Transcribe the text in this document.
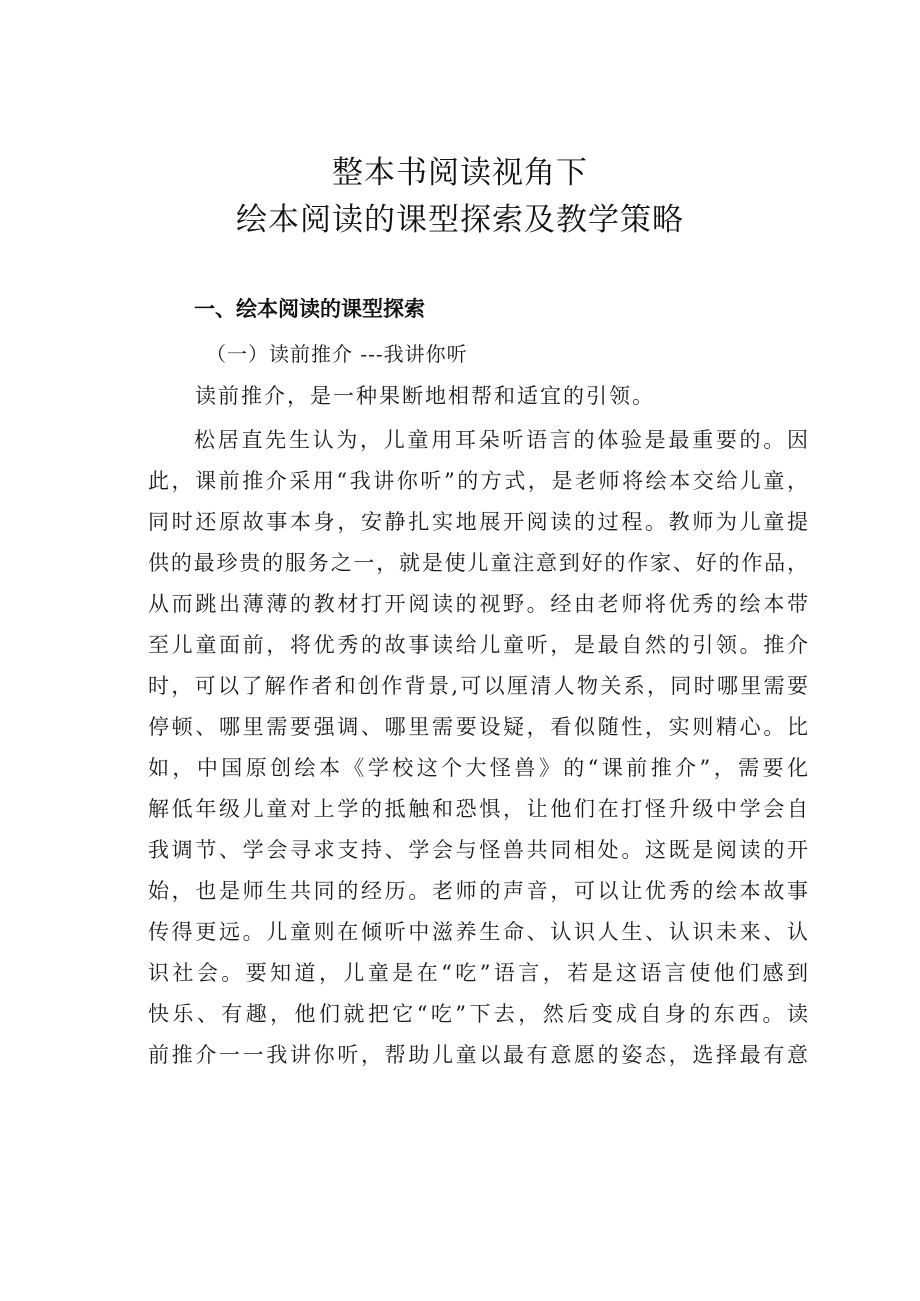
整本书阅读视角下
绘本阅读的课型探索及教学策略
一、绘本阅读的课型探索
（一）读前推介 ---我讲你听
读前推介，是一种果断地相帮和适宜的引领。
松居直先生认为，儿童用耳朵听语言的体验是最重要的。因
此，课前推介采用“我讲你听”的方式，是老师将绘本交给儿童，
同时还原故事本身，安静扎实地展开阅读的过程。教师为儿童提
供的最珍贵的服务之一，就是使儿童注意到好的作家、好的作品，
从而跳出薄薄的教材打开阅读的视野。经由老师将优秀的绘本带
至儿童面前，将优秀的故事读给儿童听，是最自然的引领。推介
时，可以了解作者和创作背景,可以厘清人物关系，同时哪里需要
停顿、哪里需要强调、哪里需要设疑，看似随性，实则精心。比
如，中国原创绘本《学校这个大怪兽》的“课前推介”，需要化
解低年级儿童对上学的抵触和恐惧，让他们在打怪升级中学会自
我调节、学会寻求支持、学会与怪兽共同相处。这既是阅读的开
始，也是师生共同的经历。老师的声音，可以让优秀的绘本故事
传得更远。儿童则在倾听中滋养生命、认识人生、认识未来、认
识社会。要知道，儿童是在“吃”语言，若是这语言使他们感到
快乐、有趣，他们就把它“吃”下去，然后变成自身的东西。读
前推介一一我讲你听，帮助儿童以最有意愿的姿态，选择最有意
